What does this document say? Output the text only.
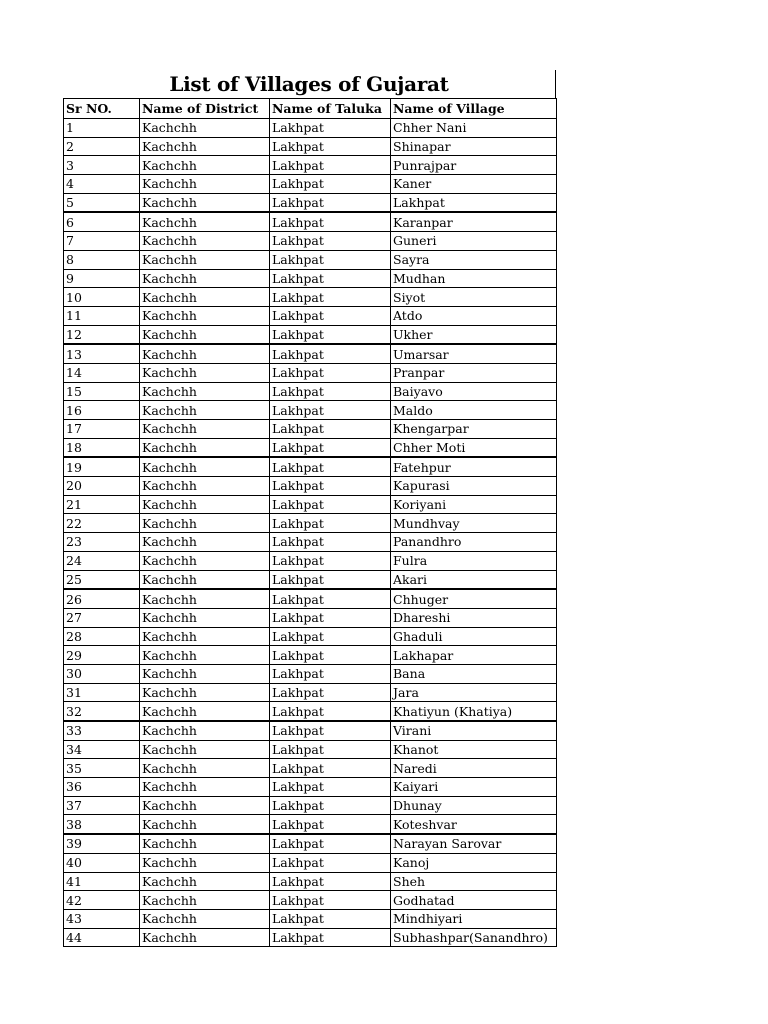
List of Villages of Gujarat
Sr NO.	Name of District	Name of Taluka	Name of Village
1	Kachchh	Lakhpat	Chher Nani
2	Kachchh	Lakhpat	Shinapar
3	Kachchh	Lakhpat	Punrajpar
4	Kachchh	Lakhpat	Kaner
5	Kachchh	Lakhpat	Lakhpat
6	Kachchh	Lakhpat	Karanpar
7	Kachchh	Lakhpat	Guneri
8	Kachchh	Lakhpat	Sayra
9	Kachchh	Lakhpat	Mudhan
10	Kachchh	Lakhpat	Siyot
11	Kachchh	Lakhpat	Atdo
12	Kachchh	Lakhpat	Ukher
13	Kachchh	Lakhpat	Umarsar
14	Kachchh	Lakhpat	Pranpar
15	Kachchh	Lakhpat	Baiyavo
16	Kachchh	Lakhpat	Maldo
17	Kachchh	Lakhpat	Khengarpar
18	Kachchh	Lakhpat	Chher Moti
19	Kachchh	Lakhpat	Fatehpur
20	Kachchh	Lakhpat	Kapurasi
21	Kachchh	Lakhpat	Koriyani
22	Kachchh	Lakhpat	Mundhvay
23	Kachchh	Lakhpat	Panandhro
24	Kachchh	Lakhpat	Fulra
25	Kachchh	Lakhpat	Akari
26	Kachchh	Lakhpat	Chhuger
27	Kachchh	Lakhpat	Dhareshi
28	Kachchh	Lakhpat	Ghaduli
29	Kachchh	Lakhpat	Lakhapar
30	Kachchh	Lakhpat	Bana
31	Kachchh	Lakhpat	Jara
32	Kachchh	Lakhpat	Khatiyun (Khatiya)
33	Kachchh	Lakhpat	Virani
34	Kachchh	Lakhpat	Khanot
35	Kachchh	Lakhpat	Naredi
36	Kachchh	Lakhpat	Kaiyari
37	Kachchh	Lakhpat	Dhunay
38	Kachchh	Lakhpat	Koteshvar
39	Kachchh	Lakhpat	Narayan Sarovar
40	Kachchh	Lakhpat	Kanoj
41	Kachchh	Lakhpat	Sheh
42	Kachchh	Lakhpat	Godhatad
43	Kachchh	Lakhpat	Mindhiyari
44	Kachchh	Lakhpat	Subhashpar(Sanandhro)
